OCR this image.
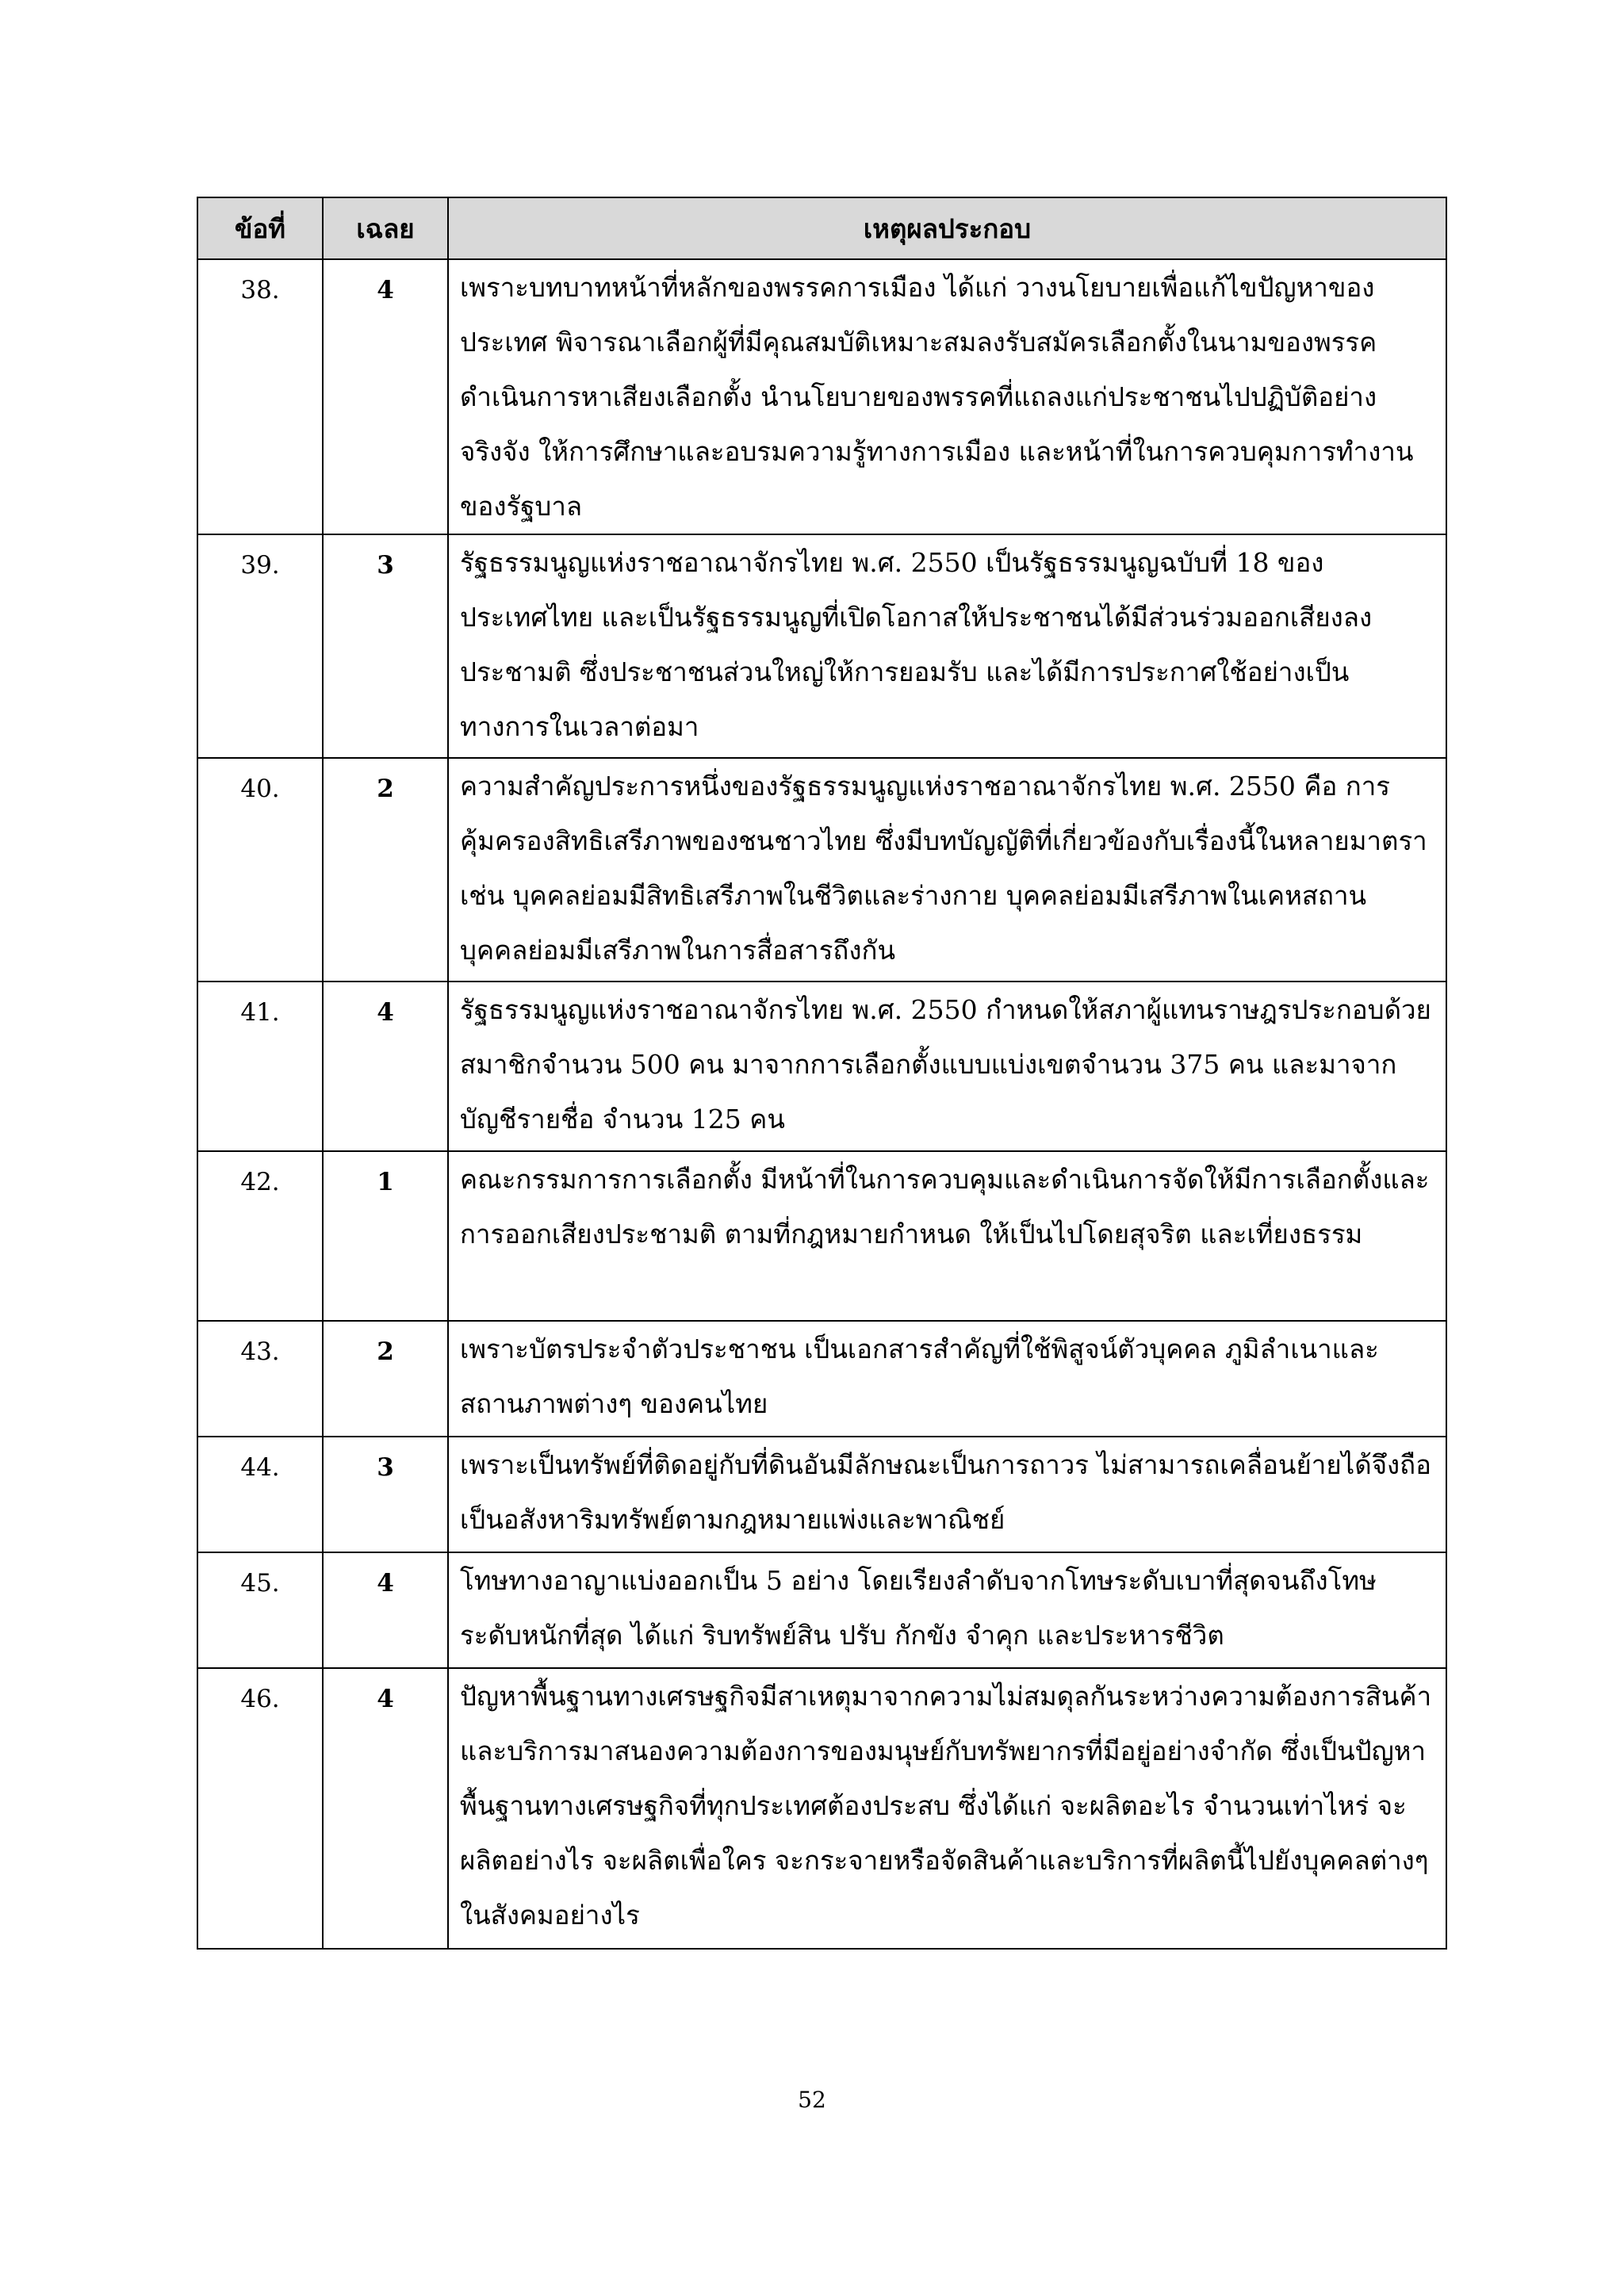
ข้อที่	เฉลย	เหตุผลประกอบ
38.	4	เพราะบทบาทหน้าที่หลักของพรรคการเมือง ได้แก่ วางนโยบายเพื่อแก้ไขปัญหาของประเทศ พิจารณาเลือกผู้ที่มีคุณสมบัติเหมาะสมลงรับสมัครเลือกตั้งในนามของพรรค ดำเนินการหาเสียงเลือกตั้ง นำนโยบายของพรรคที่แถลงแก่ประชาชนไปปฏิบัติอย่างจริงจัง ให้การศึกษาและอบรมความรู้ทางการเมือง และหน้าที่ในการควบคุมการทำงานของรัฐบาล
39.	3	รัฐธรรมนูญแห่งราชอาณาจักรไทย พ.ศ. 2550 เป็นรัฐธรรมนูญฉบับที่ 18 ของประเทศไทย และเป็นรัฐธรรมนูญที่เปิดโอกาสให้ประชาชนได้มีส่วนร่วมออกเสียงลงประชามติ ซึ่งประชาชนส่วนใหญ่ให้การยอมรับ และได้มีการประกาศใช้อย่างเป็นทางการในเวลาต่อมา
40.	2	ความสำคัญประการหนึ่งของรัฐธรรมนูญแห่งราชอาณาจักรไทย พ.ศ. 2550 คือ การคุ้มครองสิทธิเสรีภาพของชนชาวไทย ซึ่งมีบทบัญญัติที่เกี่ยวข้องกับเรื่องนี้ในหลายมาตรา เช่น บุคคลย่อมมีสิทธิเสรีภาพในชีวิตและร่างกาย บุคคลย่อมมีเสรีภาพในเคหสถาน บุคคลย่อมมีเสรีภาพในการสื่อสารถึงกัน
41.	4	รัฐธรรมนูญแห่งราชอาณาจักรไทย พ.ศ. 2550 กำหนดให้สภาผู้แทนราษฎรประกอบด้วยสมาชิกจำนวน 500 คน มาจากการเลือกตั้งแบบแบ่งเขตจำนวน 375 คน และมาจากบัญชีรายชื่อ จำนวน 125 คน
42.	1	คณะกรรมการการเลือกตั้ง มีหน้าที่ในการควบคุมและดำเนินการจัดให้มีการเลือกตั้งและการออกเสียงประชามติ ตามที่กฎหมายกำหนด ให้เป็นไปโดยสุจริต และเที่ยงธรรม
43.	2	เพราะบัตรประจำตัวประชาชน เป็นเอกสารสำคัญที่ใช้พิสูจน์ตัวบุคคล ภูมิลำเนาและสถานภาพต่างๆ ของคนไทย
44.	3	เพราะเป็นทรัพย์ที่ติดอยู่กับที่ดินอันมีลักษณะเป็นการถาวร ไม่สามารถเคลื่อนย้ายได้จึงถือเป็นอสังหาริมทรัพย์ตามกฎหมายแพ่งและพาณิชย์
45.	4	โทษทางอาญาแบ่งออกเป็น 5 อย่าง โดยเรียงลำดับจากโทษระดับเบาที่สุดจนถึงโทษระดับหนักที่สุด ได้แก่ ริบทรัพย์สิน ปรับ กักขัง จำคุก และประหารชีวิต
46.	4	ปัญหาพื้นฐานทางเศรษฐกิจมีสาเหตุมาจากความไม่สมดุลกันระหว่างความต้องการสินค้าและบริการมาสนองความต้องการของมนุษย์กับทรัพยากรที่มีอยู่อย่างจำกัด ซึ่งเป็นปัญหาพื้นฐานทางเศรษฐกิจที่ทุกประเทศต้องประสบ ซึ่งได้แก่ จะผลิตอะไร จำนวนเท่าไหร่ จะผลิตอย่างไร จะผลิตเพื่อใคร จะกระจายหรือจัดสินค้าและบริการที่ผลิตนี้ไปยังบุคคลต่างๆ ในสังคมอย่างไร
52
